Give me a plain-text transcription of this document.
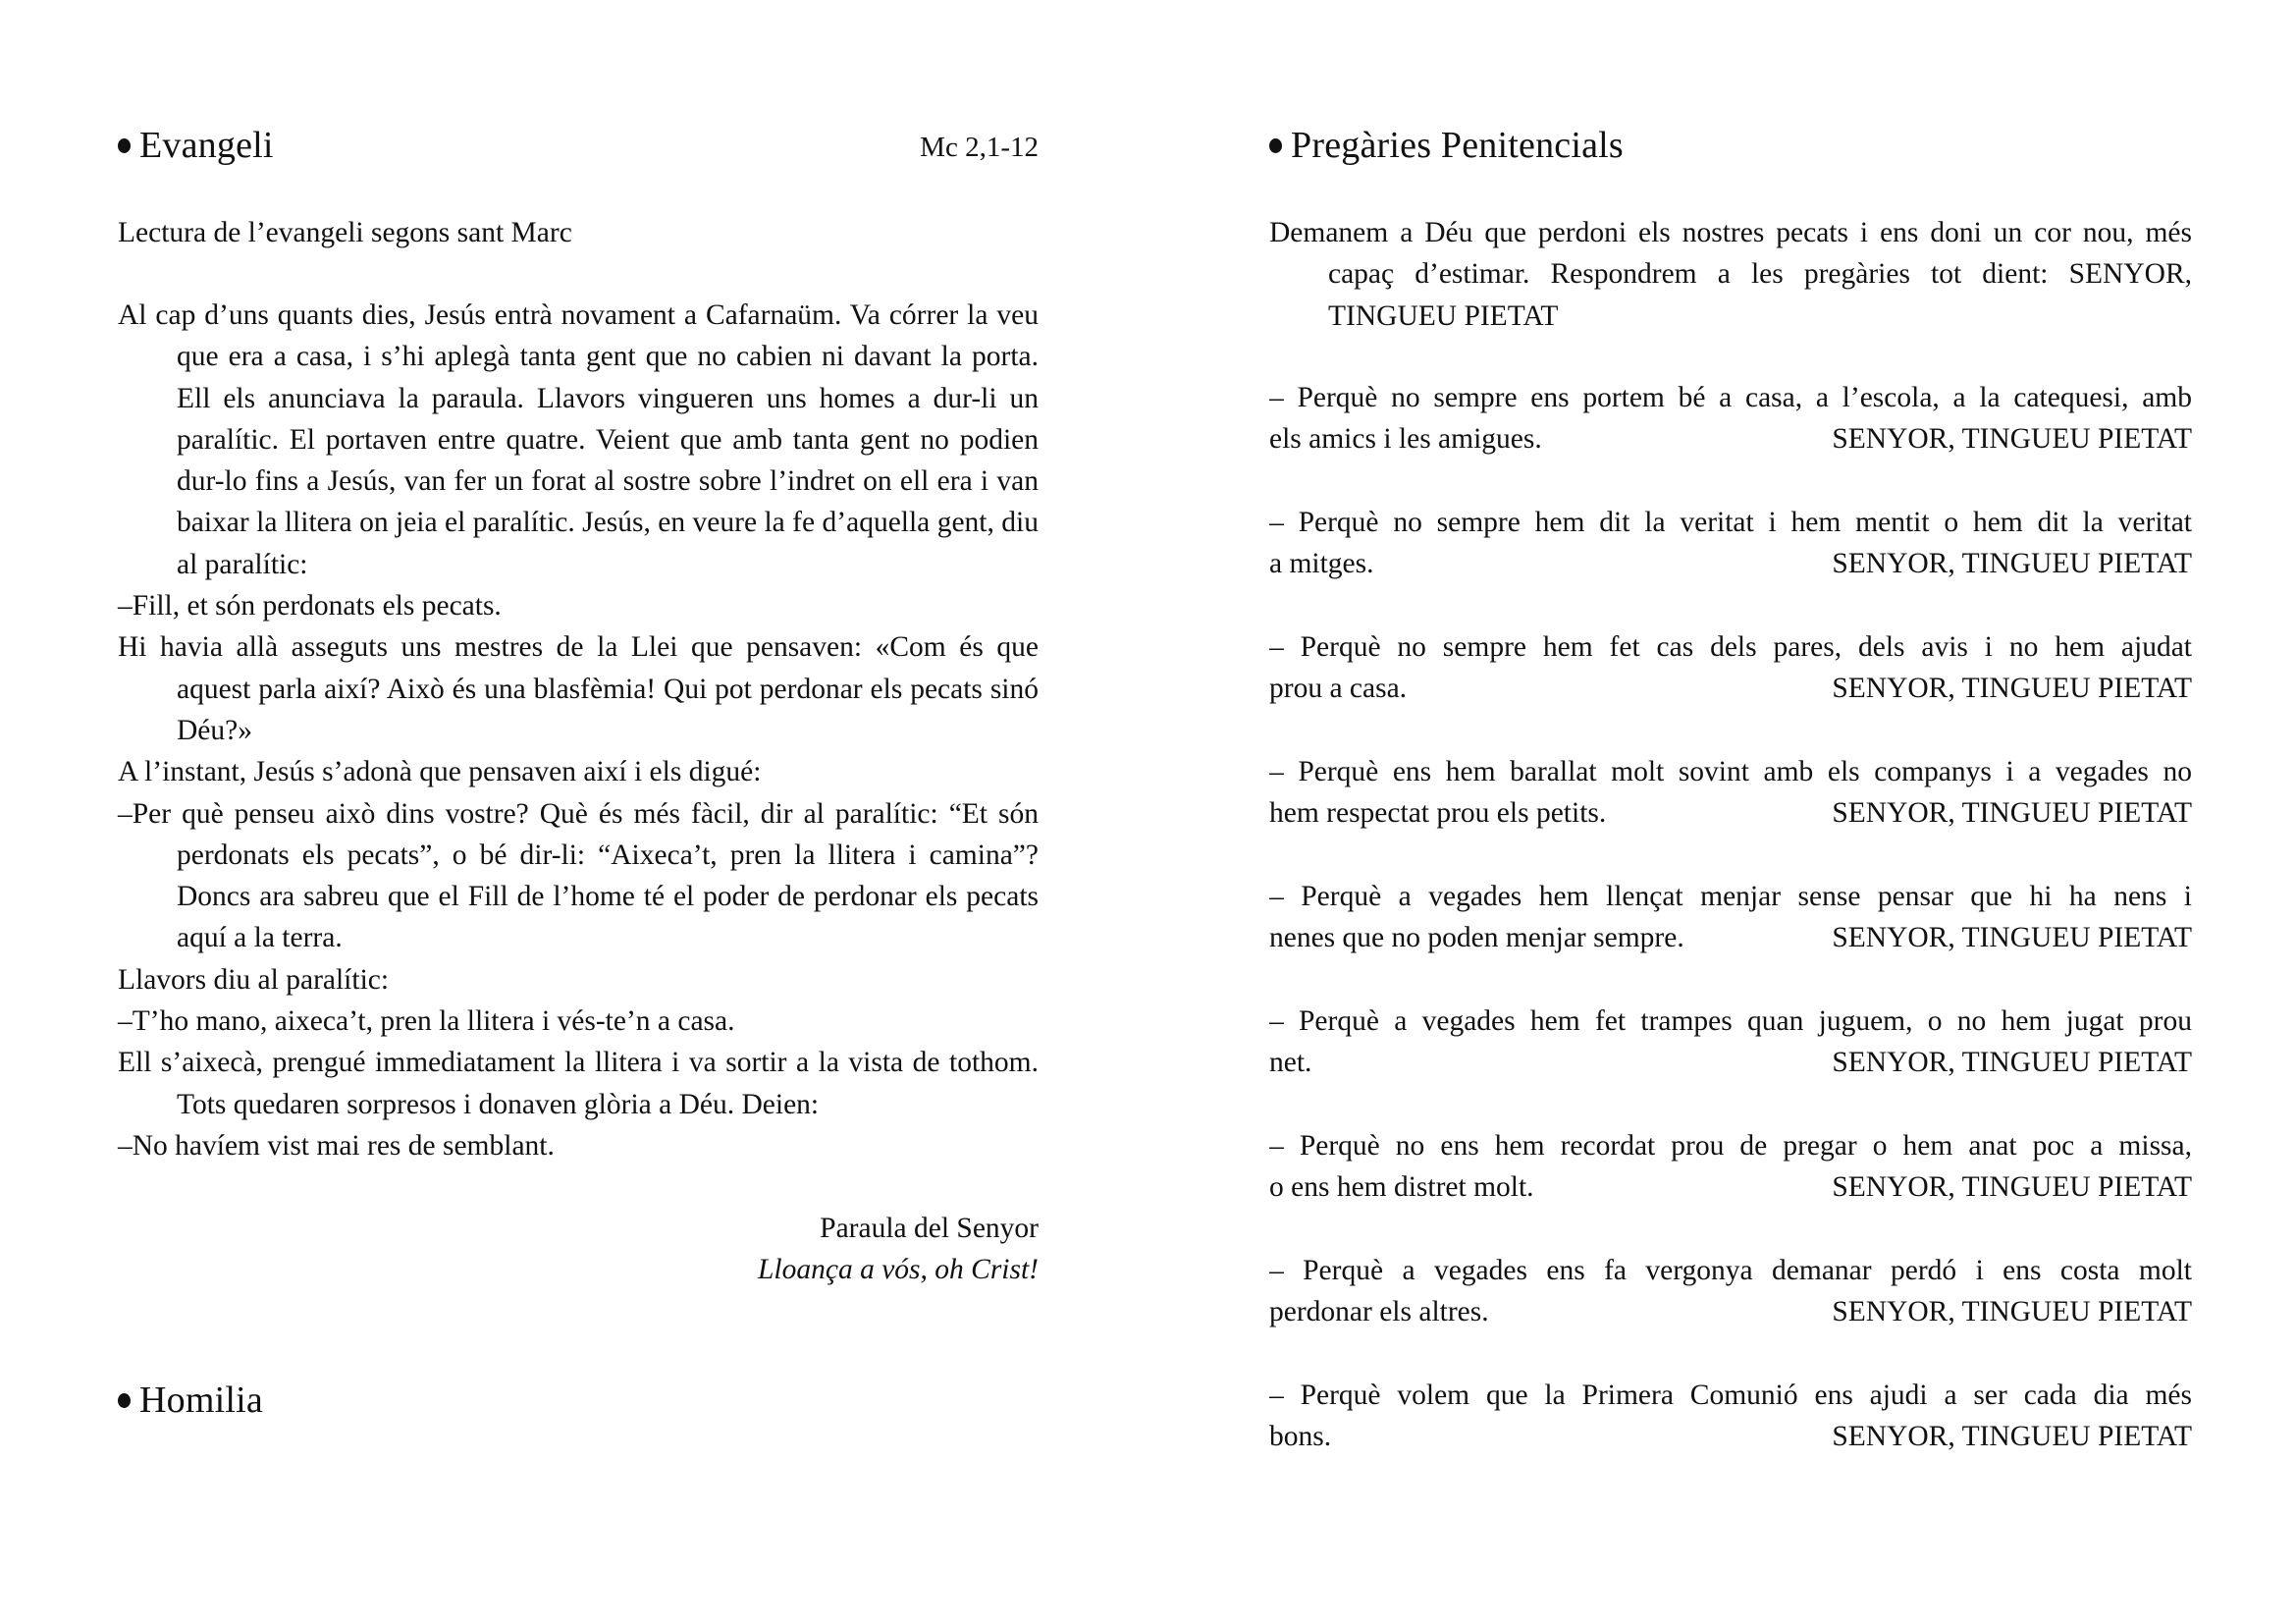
Evangeli	Mc 2,1-12
Lectura de l’evangeli segons sant Marc

Al cap d’uns quants dies, Jesús entrà novament a Cafarnaüm. Va córrer la veu que era a casa, i s’hi aplegà tanta gent que no cabien ni davant la porta. Ell els anunciava la paraula. Llavors vingueren uns homes a dur-li un paralític. El portaven entre quatre. Veient que amb tanta gent no podien dur-lo fins a Jesús, van fer un forat al sostre sobre l’indret on ell era i van baixar la llitera on jeia el paralític. Jesús, en veure la fe d’aquella gent, diu al paralític:

–Fill, et són perdonats els pecats.

Hi havia allà asseguts uns mestres de la Llei que pensaven: «Com és que aquest parla així? Això és una blasfèmia! Qui pot perdonar els pecats sinó Déu?»

A l’instant, Jesús s’adonà que pensaven així i els digué:

–Per què penseu això dins vostre? Què és més fàcil, dir al paralític: “Et són perdonats els pecats”, o bé dir-li: “Aixeca’t, pren la llitera i camina”? Doncs ara sabreu que el Fill de l’home té el poder de perdonar els pecats aquí a la terra.

Llavors diu al paralític:

–T’ho mano, aixeca’t, pren la llitera i vés-te’n a casa.

Ell s’aixecà, prengué immediatament la llitera i va sortir a la vista de tothom. Tots quedaren sorpresos i donaven glòria a Déu. Deien:

–No havíem vist mai res de semblant.

Paraula del Senyor
Lloança a vós, oh Crist!
Homilia
Pregàries Penitencials
Demanem a Déu que perdoni els nostres pecats i ens doni un cor nou, més capaç d’estimar. Respondrem a les pregàries tot dient: SENYOR, TINGUEU PIETAT
– Perquè no sempre ens portem bé a casa, a l’escola, a la catequesi, amb
els amics i les amigues.	SENYOR, TINGUEU PIETAT
– Perquè no sempre hem dit la veritat i hem mentit o hem dit la veritat
a mitges.	SENYOR, TINGUEU PIETAT
– Perquè no sempre hem fet cas dels pares, dels avis i no hem ajudat
prou a casa.	SENYOR, TINGUEU PIETAT
– Perquè ens hem barallat molt sovint amb els companys i a vegades no
hem respectat prou els petits.	SENYOR, TINGUEU PIETAT
– Perquè a vegades hem llençat menjar sense pensar que hi ha nens i
nenes que no poden menjar sempre.	SENYOR, TINGUEU PIETAT
– Perquè a vegades hem fet trampes quan juguem, o no hem jugat prou
net.	SENYOR, TINGUEU PIETAT
– Perquè no ens hem recordat prou de pregar o hem anat poc a missa,
o ens hem distret molt.	SENYOR, TINGUEU PIETAT
– Perquè a vegades ens fa vergonya demanar perdó i ens costa molt
perdonar els altres.	SENYOR, TINGUEU PIETAT
– Perquè volem que la Primera Comunió ens ajudi a ser cada dia més
bons.	SENYOR, TINGUEU PIETAT
